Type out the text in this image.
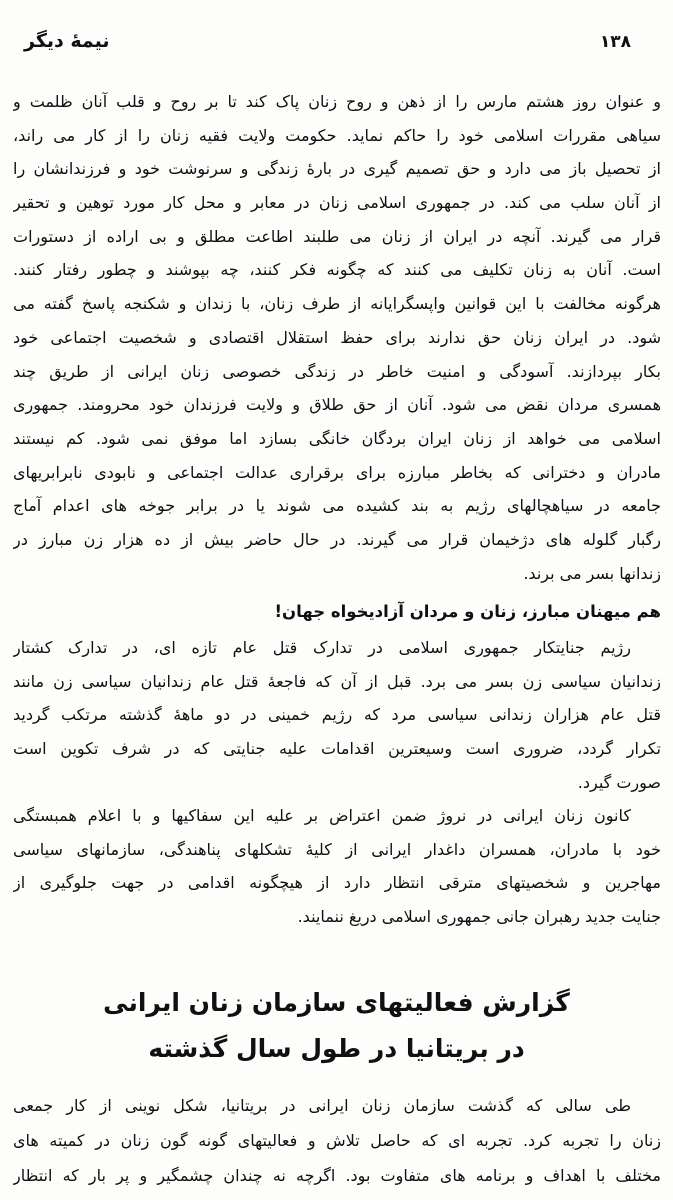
۱۳۸
نیمهٔ دیگر
و عنوان روز هشتم مارس را از ذهن و روح زنان پاک کند تا بر روح و قلب آنان ظلمت و
سیاهی مقررات اسلامی خود را حاکم نماید. حکومت ولایت فقیه زنان را از کار می راند،
از تحصیل باز می دارد و حق تصمیم گیری در بارهٔ زندگی و سرنوشت خود و فرزندانشان را
از آنان سلب می کند. در جمهوری اسلامی زنان در معابر و محل کار مورد توهین و تحقیر
قرار می گیرند. آنچه در ایران از زنان می طلبند اطاعت مطلق و بی اراده از دستورات
است. آنان به زنان تکلیف می کنند که چگونه فکر کنند، چه بپوشند و چطور رفتار کنند.
هرگونه مخالفت با این قوانین واپسگرایانه از طرف زنان، با زندان و شکنجه پاسخ گفته می
شود. در ایران زنان حق ندارند برای حفظ استقلال اقتصادی و شخصیت اجتماعی خود
بکار بپردازند. آسودگی و امنیت خاطر در زندگی خصوصی زنان ایرانی از طریق چند
همسری مردان نقض می شود. آنان از حق طلاق و ولایت فرزندان خود محرومند. جمهوری
اسلامی می خواهد از زنان ایران بردگان خانگی بسازد اما موفق نمی شود. کم نیستند
مادران و دخترانی که بخاطر مبارزه برای برقراری عدالت اجتماعی و نابودی نابرابریهای
جامعه در سیاهچالهای رژیم به بند کشیده می شوند یا در برابر جوخه های اعدام آماج
رگبار گلوله های دژخیمان قرار می گیرند. در حال حاضر بیش از ده هزار زن مبارز در
زندانها بسر می برند.
هم میهنان مبارز، زنان و مردان آزادیخواه جهان!
رژیم جنایتکار جمهوری اسلامی در تدارک قتل عام تازه ای، در تدارک کشتار
زندانیان سیاسی زن بسر می برد. قبل از آن که فاجعهٔ قتل عام زندانیان سیاسی زن مانند
قتل عام هزاران زندانی سیاسی مرد که رژیم خمینی در دو ماههٔ گذشته مرتکب گردید
تکرار گردد، ضروری است وسیعترین اقدامات علیه جنایتی که در شرف تکوین است
صورت گیرد.
کانون زنان ایرانی در نروژ ضمن اعتراض بر علیه این سفاکیها و با اعلام همبستگی
خود با مادران، همسران داغدار ایرانی از کلیهٔ تشکلهای پناهندگی، سازمانهای سیاسی
مهاجرین و شخصیتهای مترقی انتظار دارد از هیچگونه اقدامی در جهت جلوگیری از
جنایت جدید رهبران جانی جمهوری اسلامی دریغ ننمایند.
گزارش فعالیتهای سازمان زنان ایرانی
در بریتانیا در طول سال گذشته
طی سالی که گذشت سازمان زنان ایرانی در بریتانیا، شکل نوینی از کار جمعی
زنان را تجربه کرد. تجربه ای که حاصل تلاش و فعالیتهای گونه گون زنان در کمیته های
مختلف با اهداف و برنامه های متفاوت بود. اگرچه نه چندان چشمگیر و پر بار که انتظار
